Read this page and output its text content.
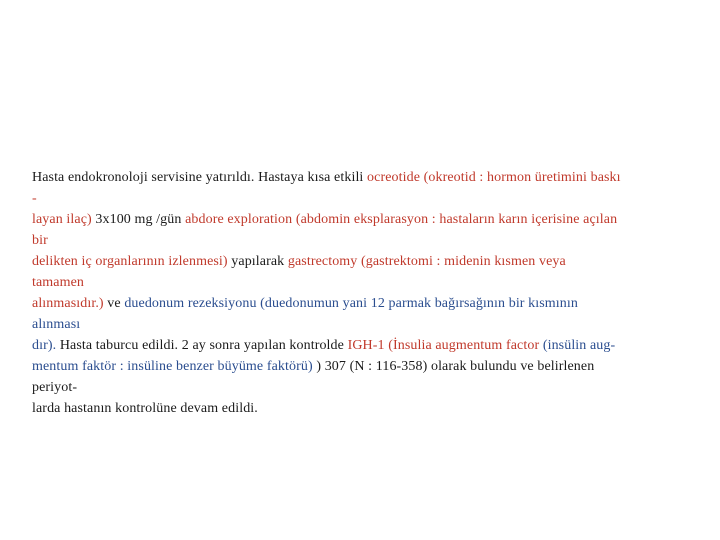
Hasta endokronoloji servisine yatırıldı. Hastaya kısa etkili ocreotide (okreotid : hormon üretimini baskı
-
layan ilaç) 3x100 mg /gün abdore exploration (abdomin eksplarasyon : hastaların karın içerisine açılan
bir
delikten iç organlarının izlenmesi) yapılarak gastrectomy (gastrektomi : midenin kısmen veya
tamamen
alınmasıdır.) ve duedonum rezeksiyonu (duedonumun yani 12 parmak bağırsağının bir kısmının
alınması
dır). Hasta taburcu edildi. 2 ay sonra yapılan kontrolde IGH-1 (İnsulia augmentum factor (insülin aug-
mentum faktör : insüline benzer büyüme faktörü) ) 307 (N : 116-358) olarak bulundu ve belirlenen
periyot-
larda hastanın kontrolüne devam edildi.
